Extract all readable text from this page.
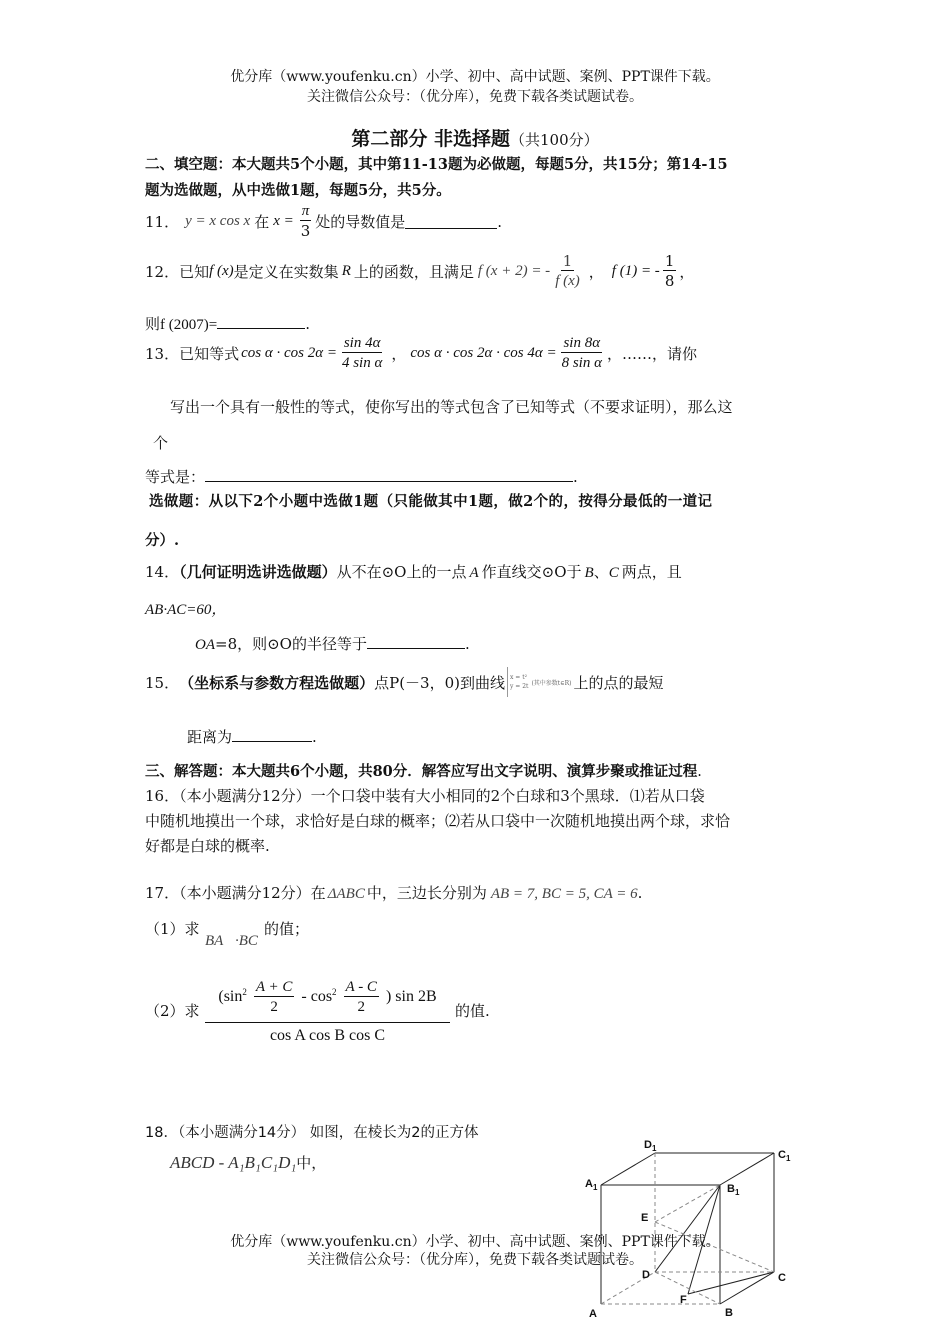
优分库（www.youfenku.cn）小学、初中、高中试题、案例、PPT课件下载。
关注微信公众号：（优分库），免费下载各类试题试卷。
第二部分 非选择题（共100分）
二、填空题：本大题共5个小题，其中第11-13题为必做题，每题5分，共15分；第14-15
题为选做题，从中选做1题，每题5分，共5分。
11． y = x cos x 在 $x = \frac{\pi}{3}$ 处的导数值是	.
12．已知 f (x) 是定义在实数集 R 上的函数，且满足 f (x + 2) = - $\frac{1}{f (x)}$ ， f (1) = - $\frac{1}{8}$ ，
则f (2007)=	.
13．已知等式 $\cos \alpha \cdot \cos 2\alpha = \frac{\sin 4\alpha}{\text{4 sin α}}$ ， $\cos \alpha \cdot \cos 2\alpha \cdot \cos 4\alpha = \frac{\sin 8\alpha}{\text{8 sin α}}$ ，……，请你
写出一个具有一般性的等式，使你写出的等式包含了已知等式（不要求证明），那么这
个
等式是：	.
选做题：从以下2个小题中选做1题（只能做其中1题，做2个的，按得分最低的一道记
分）.
14．（几何证明选讲选做题）从不在⊙O上的一点 A 作直线交⊙O于 B、C 两点，且
AB·AC=60，
OA=8，则⊙O的半径等于	.
15． （坐标系与参数方程选做题） 点P(－3，0)到曲线 x = t²
y = 2t (其中参数t∈R) 上的点的最短
距离为	.
三、解答题：本大题共6个小题，共80分．解答应写出文字说明、演算步聚或推证过程.
16．（本小题满分12分）一个口袋中装有大小相同的2个白球和3个黑球．⑴若从口袋
中随机地摸出一个球，求恰好是白球的概率；⑵若从口袋中一次随机地摸出两个球，求恰
好都是白球的概率.
17．（本小题满分12分）在 ΔABC 中，三边长分别为 AB = 7, BC = 5, CA = 6.
（1）求
BA⃗·BC⃗
的值；
（2）求
($\sin^2 \frac{A + C}{2} - \cos^2 \frac{A - C}{2}$ ) sin 2B
cos A cos B cos C
的值.
18．（本小题满分14分） 如图，在棱长为2的正方体
ABCD - A₁B₁C₁D₁中，
$D_1$
$C_1$
$A_1$	$B_1$
E
D	C
F
A	B
优分库（www.youfenku.cn）小学、初中、高中试题、案例、PPT课件下载。
关注微信公众号：（优分库），免费下载各类试题试卷。
